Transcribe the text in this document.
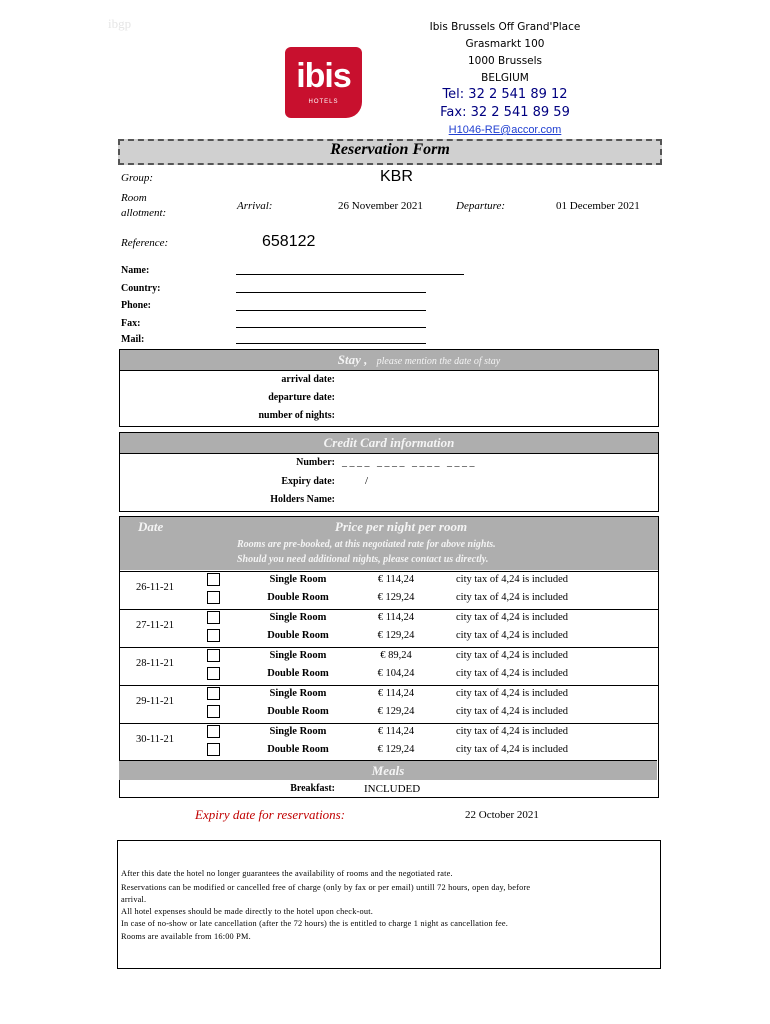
ibgp
ibis
HOTELS
Ibis Brussels Off Grand'Place
Grasmarkt 100
1000 Brussels
BELGIUM
Tel: 32 2 541 89 12
Fax: 32 2 541 89 59
H1046-RE@accor.com
Reservation Form
Group:	KBR
Room
allotment:
Arrival:	26 November 2021	Departure:	01 December 2021
Reference:	658122
Name:
Country:
Phone:
Fax:
Mail:
Stay , please mention the date of stay
arrival date:
departure date:
number of nights:
Credit Card information
Number: _ _ _ _   _ _ _ _   _ _ _ _   _ _ _ _
Expiry date:	/
Holders Name:
Date	Price per night per room
Rooms are pre-booked, at this negotiated rate for above nights.
Should you need additional nights, please contact us directly.
26-11-21
Single Room	€ 114,24	city tax of 4,24 is included
Double Room	€ 129,24	city tax of 4,24 is included
27-11-21
Single Room	€ 114,24	city tax of 4,24 is included
Double Room	€ 129,24	city tax of 4,24 is included
28-11-21
Single Room	€ 89,24	city tax of 4,24 is included
Double Room	€ 104,24	city tax of 4,24 is included
29-11-21
Single Room	€ 114,24	city tax of 4,24 is included
Double Room	€ 129,24	city tax of 4,24 is included
30-11-21
Single Room	€ 114,24	city tax of 4,24 is included
Double Room	€ 129,24	city tax of 4,24 is included
Meals
Breakfast:	INCLUDED
Expiry date for reservations:	22 October 2021
After this date the hotel no longer guarantees the availability of rooms and the negotiated rate.
Reservations can be modified or cancelled free of charge (only by fax or per email) untill 72 hours, open day, before
arrival.
All hotel expenses should be made directly to the hotel upon check-out.
In case of no-show or late cancellation (after the 72 hours) the is entitled to charge 1 night as cancellation fee.
Rooms are available from 16:00 PM.
